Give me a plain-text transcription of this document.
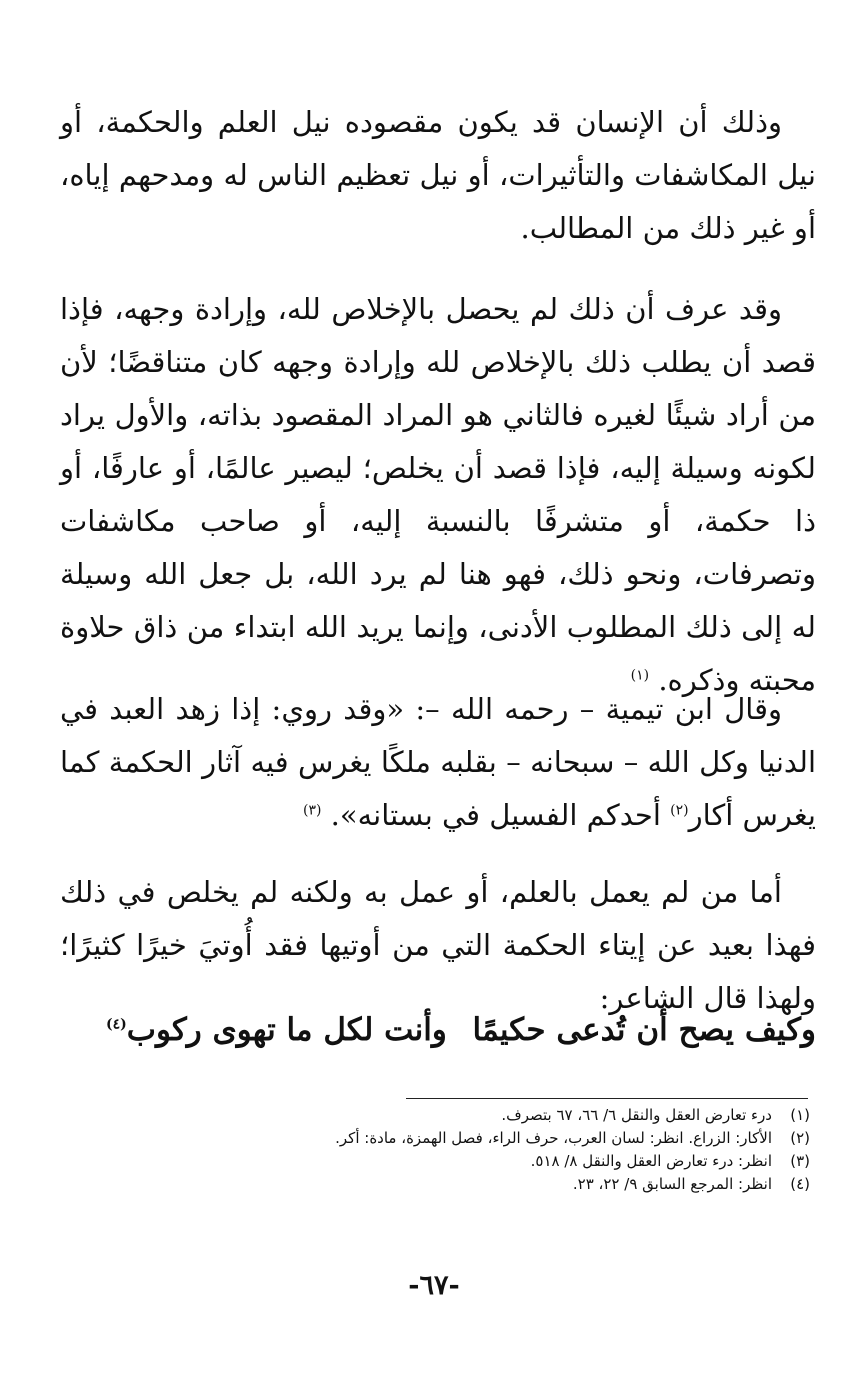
وذلك أن الإنسان قد يكون مقصوده نيل العلم والحكمة، أو نيل المكاشفات والتأثيرات، أو نيل تعظيم الناس له ومدحهم إياه، أو غير ذلك من المطالب.

وقد عرف أن ذلك لم يحصل بالإخلاص لله، وإرادة وجهه، فإذا قصد أن يطلب ذلك بالإخلاص لله وإرادة وجهه كان متناقضًا؛ لأن من أراد شيئًا لغيره فالثاني هو المراد المقصود بذاته، والأول يراد لكونه وسيلة إليه، فإذا قصد أن يخلص؛ ليصير عالمًا، أو عارفًا، أو ذا حكمة، أو متشرفًا بالنسبة إليه، أو صاحب مكاشفات وتصرفات، ونحو ذلك، فهو هنا لم يرد الله، بل جعل الله وسيلة له إلى ذلك المطلوب الأدنى، وإنما يريد الله ابتداء من ذاق حلاوة محبته وذكره. $^{(١)}$

وقال ابن تيمية – رحمه الله –: «وقد روي: إذا زهد العبد في الدنيا وكل الله – سبحانه – بقلبه ملكًا يغرس فيه آثار الحكمة كما يغرس أكار$^{(٢)}$ أحدكم الفسيل في بستانه». $^{(٣)}$

أما من لم يعمل بالعلم، أو عمل به ولكنه لم يخلص في ذلك فهذا بعيد عن إيتاء الحكمة التي من أوتيها فقد أُوتيَ خيرًا كثيرًا؛ ولهذا قال الشاعر:

وكيف يصح أن تُدعى حكيمًا
وأنت لكل ما تهوى ركوب$^{(٤)}$
(١)درء تعارض العقل والنقل ٦/ ٦٦، ٦٧ بتصرف.
(٢)الأكار: الزراع. انظر: لسان العرب، حرف الراء، فصل الهمزة، مادة: أكر.
(٣)انظر: درء تعارض العقل والنقل ٨/ ٥١٨.
(٤)انظر: المرجع السابق ٩/ ٢٢، ٢٣.
-٦٧-
